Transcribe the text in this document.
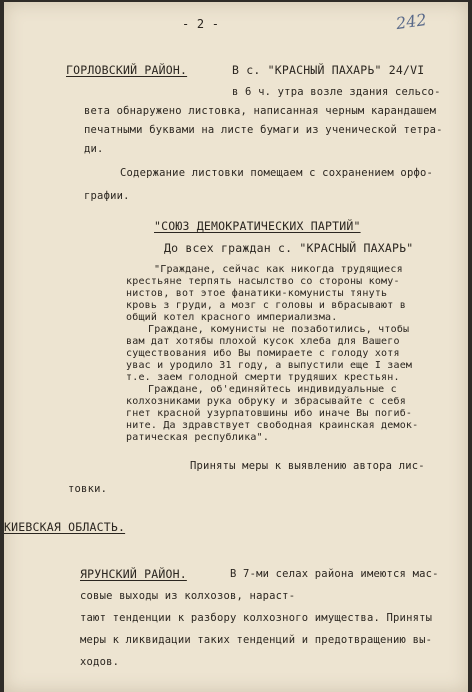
- 2 -	242
ГОРЛОВСКИЙ РАЙОН.	В с. "КРАСНЫЙ ПАХАРЬ" 24/VI
в 6 ч. утра возле здания сельсо-
вета обнаружено листовка, написанная черным карандашем
печатными буквами на листе бумаги из ученической тетра-
ди.
Содержание листовки помещаем с сохранением орфо-
графии.
"СОЮЗ ДЕМОКРАТИЧЕСКИХ ПАРТИЙ"
До всех граждан с. "КРАСНЫЙ ПАХАРЬ"
"Граждане, сейчас как никогда трудящиеся
крестьяне терпять насылство со стороны кому-
нистов, вот этое фанатики-комунисты тянуть
кровь з груди, а мозг с головы и вбрасывают в
общий котел красного империализма.
Граждане, комунисты не позаботились, чтобы
вам дат хотябы плохой кусок хлеба для Вашего
существования ибо Вы помираете с голоду хотя
увас и уродило 31 году, а выпустили еще I заем
т.е. заем голодной смерти трудяших крестьян.
Граждане, об'единяйтесь индивидуальные с
колхозниками рука обруку и збрасывайте с себя
гнет красной узурпатовшины ибо иначе Вы погиб-
ните. Да здравствует свободная краинская демок-
ратическая республика".
Приняты меры к выявлению автора лис-
товки.
КИЕВСКАЯ ОБЛАСТЬ.
ЯРУНСКИЙ РАЙОН.	В 7-ми селах района имеются мас-
совые выходы из колхозов, нараст-
тают тенденции к разбору колхозного имущества. Приняты
меры к ликвидации таких тенденций и предотвращению вы-
ходов.
